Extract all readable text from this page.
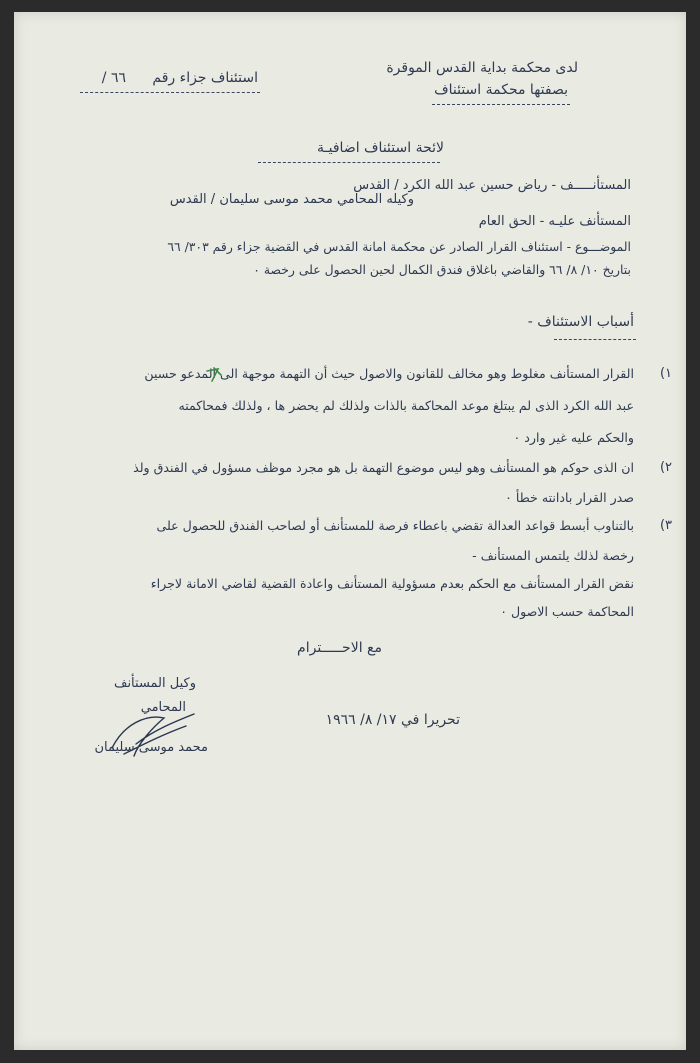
لدى محكمة بداية القدس الموقرة
بصفتها محكمة استئناف
استئناف جزاء رقم
٦٦ /
لائحة استئناف اضافيـة
المستأنـــــف - رياض حسين عبد الله الكرد / القدس
وكيله المحامي محمد موسى سليمان / القدس
المستأنف عليـه - الحق العام
الموضـــوع - استئناف القرار الصادر عن محكمة امانة القدس في القضية جزاء رقم ٣٠٣/ ٦٦
بتاريخ ١٠/ ٨/ ٦٦ والقاضي باغلاق فندق الكمال لحين الحصول على رخصة ٠
أسباب الاستئناف -
١)
القرار المستأنف مغلوط وهو مخالف للقانون والاصول حيث أن التهمة موجهة الى المدعو حسين
عبد الله الكرد الذى لم يبتلغ موعد المحاكمة بالذات ولذلك لم يحضر ها ، ولذلك فمحاكمته
والحكم عليه غير وارد ٠
٢)
ان الذى حوكم هو المستأنف وهو ليس موضوع التهمة بل هو مجرد موظف مسؤول في الفندق ولذ
صدر القرار بادانته خطأ ٠
٣)
بالتناوب أبسط قواعد العدالة تقضي باعطاء فرصة للمستأنف أو لصاحب الفندق للحصول على
رخصة لذلك يلتمس المستأنف -
نقض القرار المستأنف مع الحكم بعدم مسؤولية المستأنف واعادة القضية لقاضي الامانة لاجراء
المحاكمة حسب الاصول ٠
مع الاحـــــترام
وكيل المستأنف
المحامي
محمد موسى سليمان
تحريرا في ١٧/ ٨/ ١٩٦٦
